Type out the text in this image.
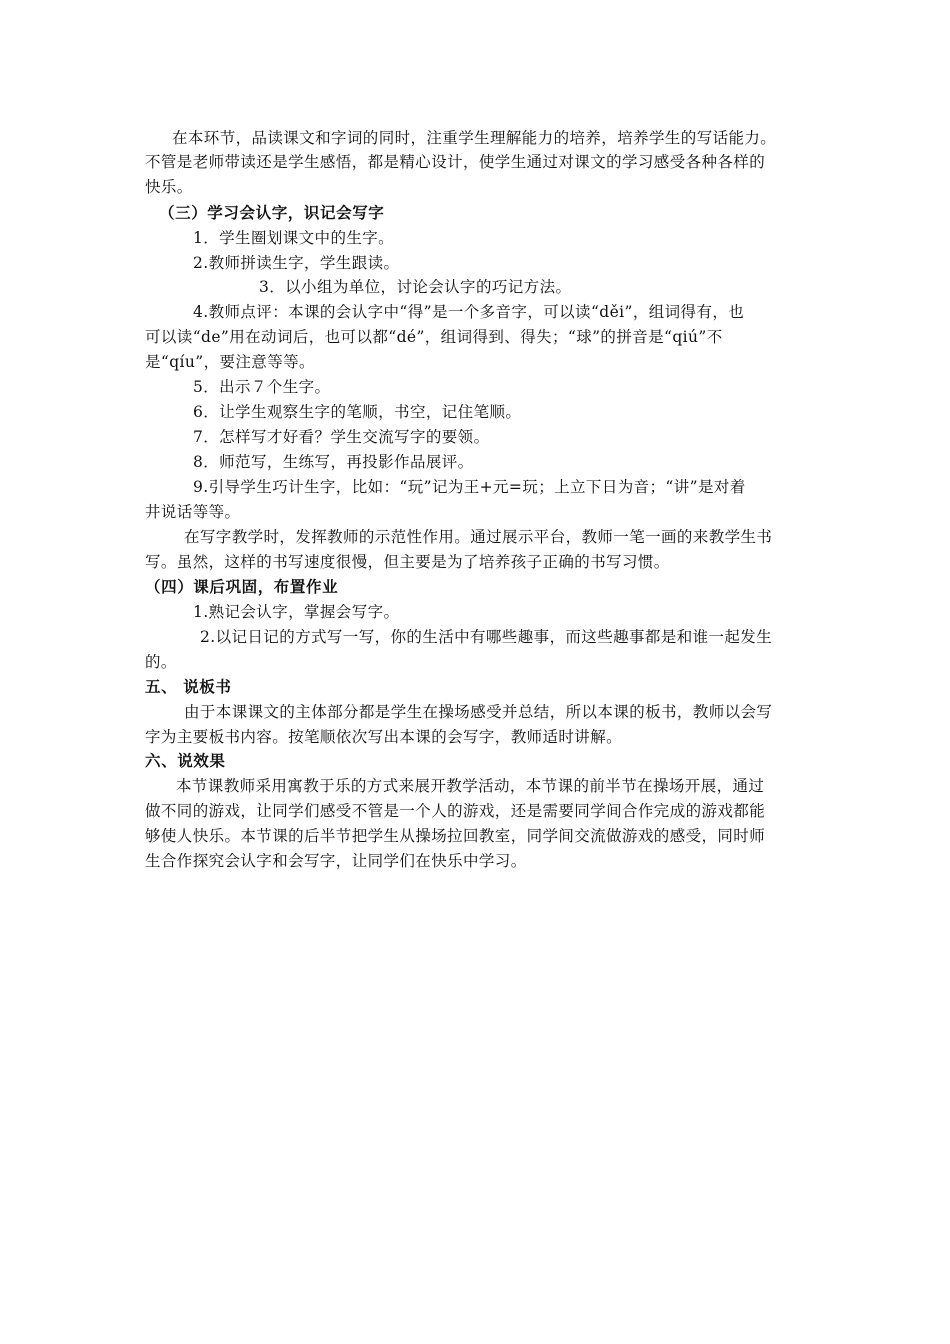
在本环节，品读课文和字词的同时，注重学生理解能力的培养，培养学生的写话能力。
不管是老师带读还是学生感悟，都是精心设计，使学生通过对课文的学习感受各种各样的
快乐。
（三）学习会认字，识记会写字
1．学生圈划课文中的生字。
2.教师拼读生字，学生跟读。
3．以小组为单位，讨论会认字的巧记方法。
4.教师点评：本课的会认字中“得”是一个多音字，可以读“děi”，组词得有，也
可以读“de”用在动词后，也可以都“dé”，组词得到、得失；“球”的拼音是“qiú”不
是“qíu”，要注意等等。
5．出示７个生字。
6．让学生观察生字的笔顺，书空，记住笔顺。
7．怎样写才好看？学生交流写字的要领。
8．师范写，生练写，再投影作品展评。
9.引导学生巧计生字，比如：“玩”记为王+元=玩；上立下日为音；“讲”是对着
井说话等等。
在写字教学时，发挥教师的示范性作用。通过展示平台，教师一笔一画的来教学生书
写。虽然，这样的书写速度很慢，但主要是为了培养孩子正确的书写习惯。
（四）课后巩固，布置作业
1.熟记会认字，掌握会写字。
2.以记日记的方式写一写，你的生活中有哪些趣事，而这些趣事都是和谁一起发生
的。
五、 说板书
由于本课课文的主体部分都是学生在操场感受并总结，所以本课的板书，教师以会写
字为主要板书内容。按笔顺依次写出本课的会写字，教师适时讲解。
六、说效果
本节课教师采用寓教于乐的方式来展开教学活动，本节课的前半节在操场开展，通过
做不同的游戏，让同学们感受不管是一个人的游戏，还是需要同学间合作完成的游戏都能
够使人快乐。本节课的后半节把学生从操场拉回教室，同学间交流做游戏的感受，同时师
生合作探究会认字和会写字，让同学们在快乐中学习。
